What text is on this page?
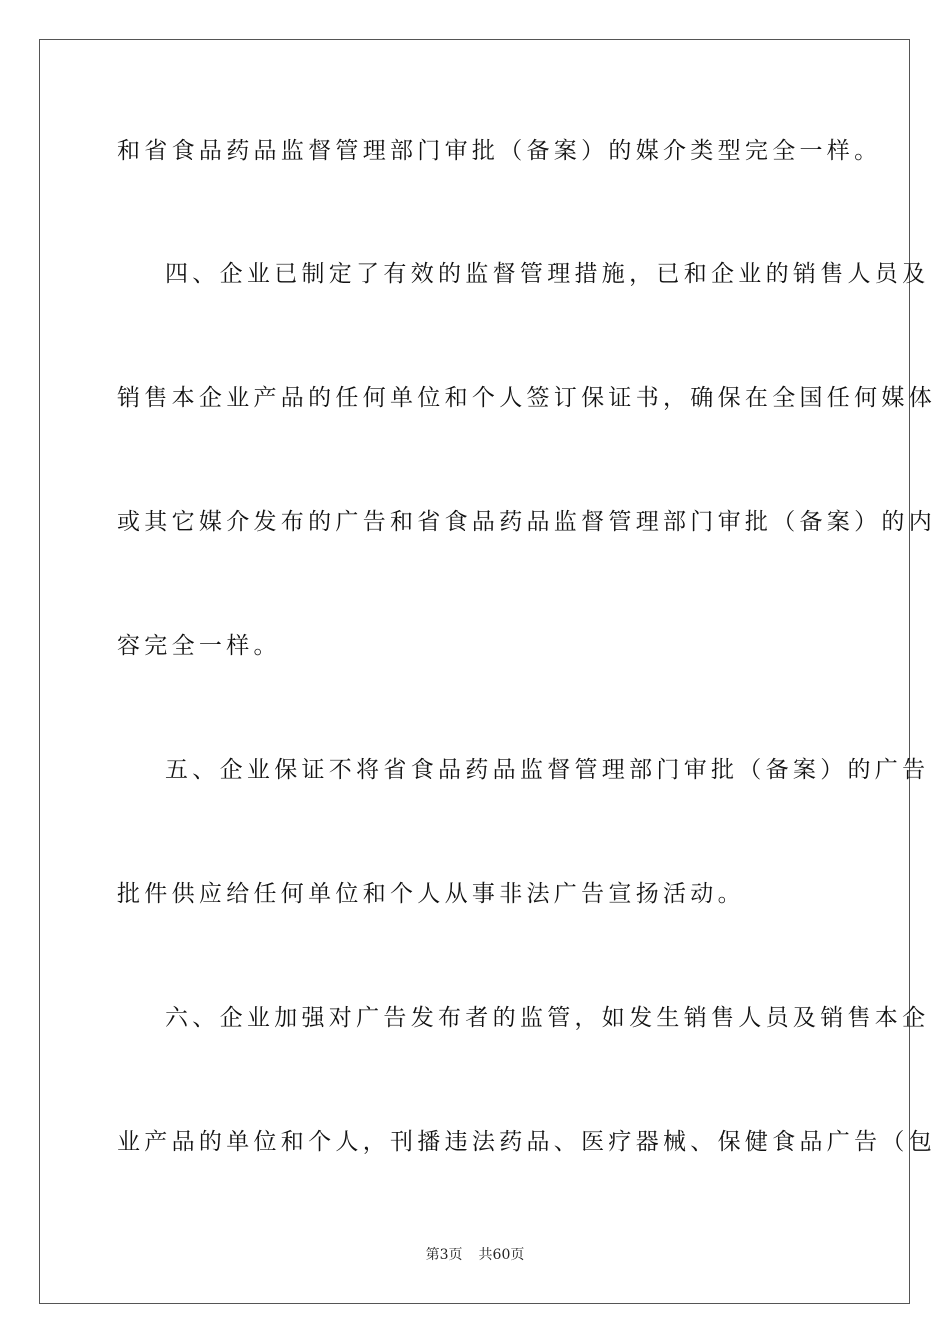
和省食品药品监督管理部门审批（备案）的媒介类型完全一样。
四、企业已制定了有效的监督管理措施，已和企业的销售人员及
销售本企业产品的任何单位和个人签订保证书，确保在全国任何媒体
或其它媒介发布的广告和省食品药品监督管理部门审批（备案）的内
容完全一样。
五、企业保证不将省食品药品监督管理部门审批（备案）的广告
批件供应给任何单位和个人从事非法广告宣扬活动。
六、企业加强对广告发布者的监管，如发生销售人员及销售本企
业产品的单位和个人，刊播违法药品、医疗器械、保健食品广告（包
第3页 共60页
